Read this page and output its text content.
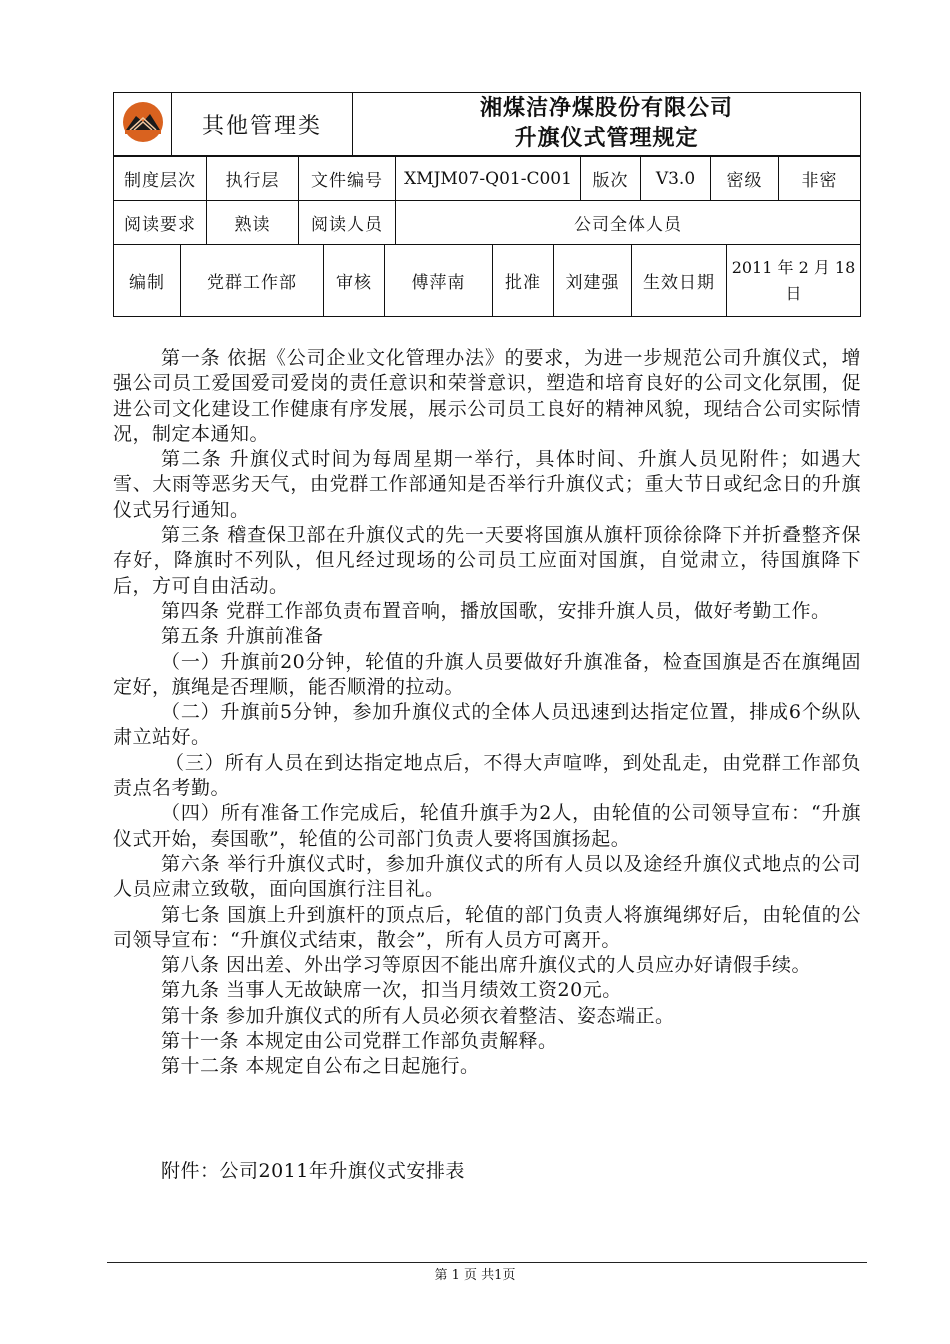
	其他管理类	
湘煤洁净煤股份有限公司
升旗仪式管理规定
制度层次	执行层	文件编号	XMJM07-Q01-C001	版次	V3.0	密级	非密
阅读要求	熟读	阅读人员	公司全体人员
编制	党群工作部	审核	傅萍南	批准	刘建强	生效日期	2011 年 2 月 18 日

第一条 依据《公司企业文化管理办法》的要求，为进一步规范公司升旗仪式，增强公司员工爱国爱司爱岗的责任意识和荣誉意识，塑造和培育良好的公司文化氛围，促进公司文化建设工作健康有序发展，展示公司员工良好的精神风貌，现结合公司实际情况，制定本通知。

第二条 升旗仪式时间为每周星期一举行，具体时间、升旗人员见附件；如遇大雪、大雨等恶劣天气，由党群工作部通知是否举行升旗仪式；重大节日或纪念日的升旗仪式另行通知。

第三条 稽查保卫部在升旗仪式的先一天要将国旗从旗杆顶徐徐降下并折叠整齐保存好，降旗时不列队，但凡经过现场的公司员工应面对国旗，自觉肃立，待国旗降下后，方可自由活动。

第四条 党群工作部负责布置音响，播放国歌，安排升旗人员，做好考勤工作。

第五条 升旗前准备

（一）升旗前20分钟，轮值的升旗人员要做好升旗准备，检查国旗是否在旗绳固定好，旗绳是否理顺，能否顺滑的拉动。

（二）升旗前5分钟，参加升旗仪式的全体人员迅速到达指定位置，排成6个纵队肃立站好。

（三）所有人员在到达指定地点后，不得大声喧哗，到处乱走，由党群工作部负责点名考勤。

（四）所有准备工作完成后，轮值升旗手为2人，由轮值的公司领导宣布：“升旗仪式开始，奏国歌”，轮值的公司部门负责人要将国旗扬起。

第六条 举行升旗仪式时，参加升旗仪式的所有人员以及途经升旗仪式地点的公司人员应肃立致敬，面向国旗行注目礼。

第七条 国旗上升到旗杆的顶点后，轮值的部门负责人将旗绳绑好后，由轮值的公司领导宣布：“升旗仪式结束，散会”，所有人员方可离开。

第八条 因出差、外出学习等原因不能出席升旗仪式的人员应办好请假手续。

第九条 当事人无故缺席一次，扣当月绩效工资20元。

第十条 参加升旗仪式的所有人员必须衣着整洁、姿态端正。

第十一条 本规定由公司党群工作部负责解释。

第十二条 本规定自公布之日起施行。

附件：公司2011年升旗仪式安排表
第 1 页 共1页
